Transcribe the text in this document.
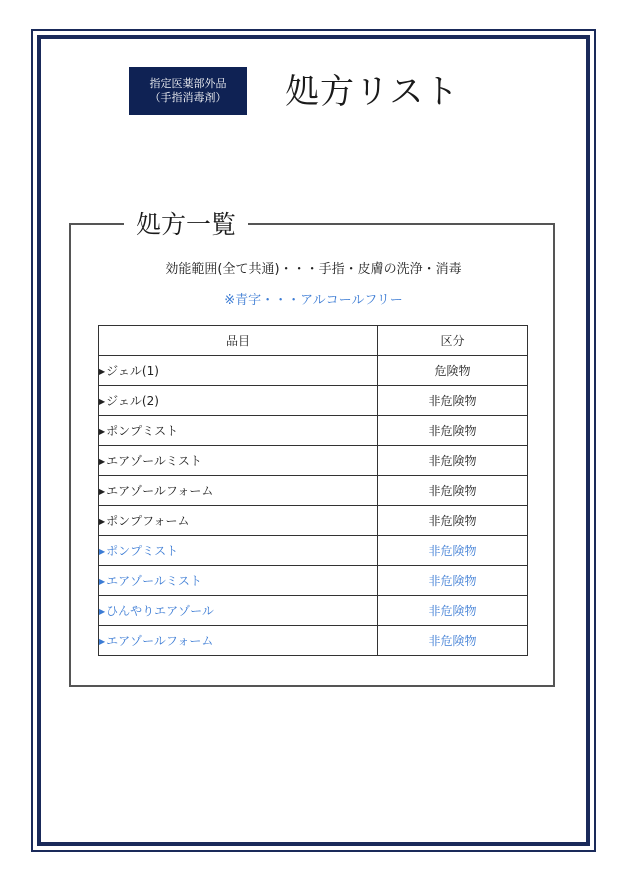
指定医薬部外品
（手指消毒剤） 処方リスト
処方一覧
効能範囲(全て共通)・・・手指・皮膚の洗浄・消毒
※青字・・・アルコールフリー
品目	区分
▶ジェル(1)	危険物
▶ジェル(2)	非危険物
▶ポンプミスト	非危険物
▶エアゾールミスト	非危険物
▶エアゾールフォーム	非危険物
▶ポンプフォーム	非危険物
▶ポンプミスト	非危険物
▶エアゾールミスト	非危険物
▶ひんやりエアゾール	非危険物
▶エアゾールフォーム	非危険物
